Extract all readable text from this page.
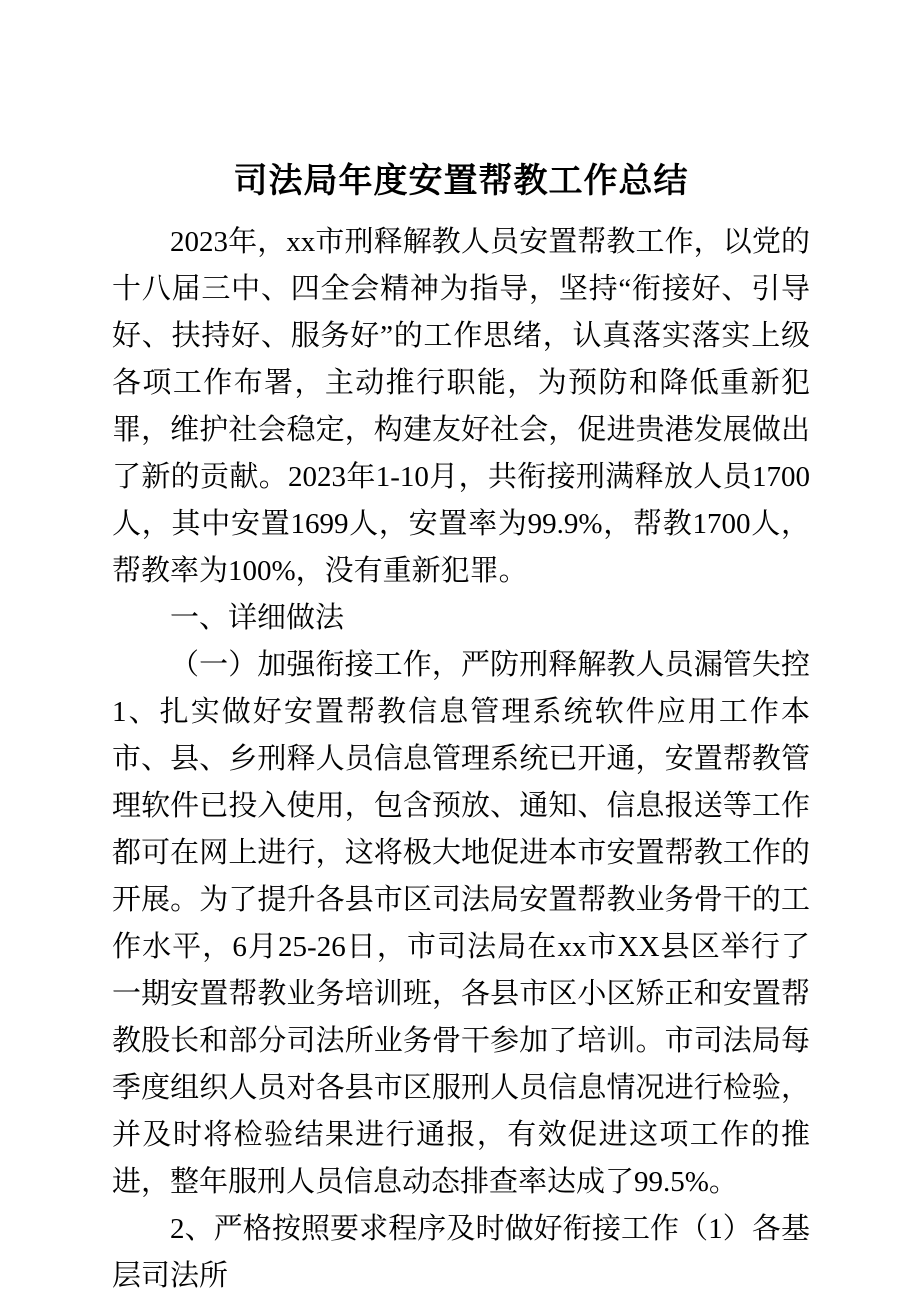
司法局年度安置帮教工作总结

2023年，xx市刑释解教人员安置帮教工作，以党的十八届三中、四全会精神为指导，坚持“衔接好、引导好、扶持好、服务好”的工作思绪，认真落实落实上级各项工作布署，主动推行职能，为预防和降低重新犯罪，维护社会稳定，构建友好社会，促进贵港发展做出了新的贡献。2023年1-10月，共衔接刑满释放人员1700人，其中安置1699人，安置率为99.9%，帮教1700人，帮教率为100%，没有重新犯罪。

一、详细做法

（一）加强衔接工作，严防刑释解教人员漏管失控1、扎实做好安置帮教信息管理系统软件应用工作本市、县、乡刑释人员信息管理系统已开通，安置帮教管理软件已投入使用，包含预放、通知、信息报送等工作都可在网上进行，这将极大地促进本市安置帮教工作的开展。为了提升各县市区司法局安置帮教业务骨干的工作水平，6月25-26日，市司法局在xx市XX县区举行了一期安置帮教业务培训班，各县市区小区矫正和安置帮教股长和部分司法所业务骨干参加了培训。市司法局每季度组织人员对各县市区服刑人员信息情况进行检验，并及时将检验结果进行通报，有效促进这项工作的推进，整年服刑人员信息动态排查率达成了99.5%。

2、严格按照要求程序及时做好衔接工作（1）各基层司法所
